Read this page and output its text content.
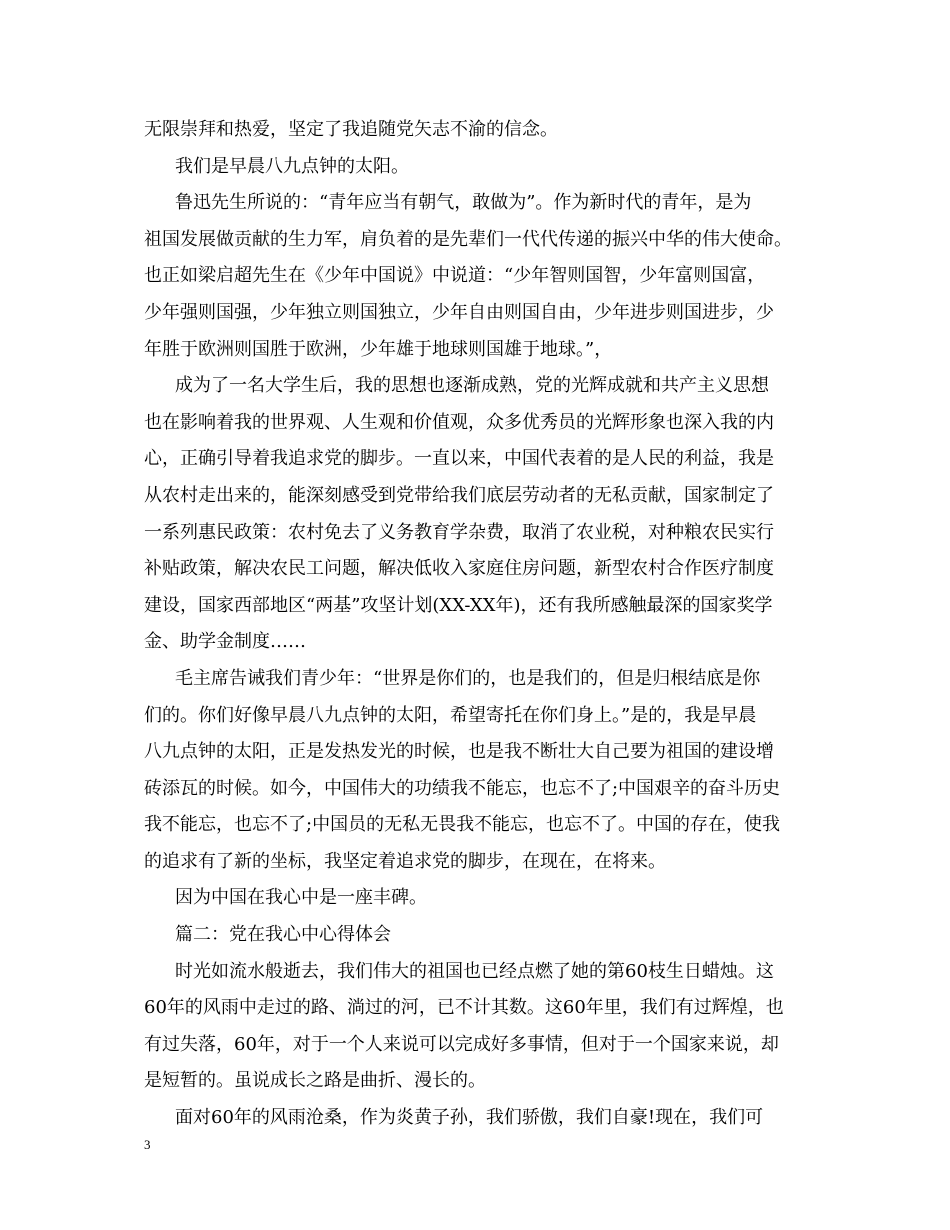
无限崇拜和热爱，坚定了我追随党矢志不渝的信念。
我们是早晨八九点钟的太阳。
鲁迅先生所说的：“青年应当有朝气，敢做为”。作为新时代的青年，是为
祖国发展做贡献的生力军，肩负着的是先辈们一代代传递的振兴中华的伟大使命。
也正如梁启超先生在《少年中国说》中说道：“少年智则国智，少年富则国富，
少年强则国强，少年独立则国独立，少年自由则国自由，少年进步则国进步，少
年胜于欧洲则国胜于欧洲，少年雄于地球则国雄于地球。”，
成为了一名大学生后，我的思想也逐渐成熟，党的光辉成就和共产主义思想
也在影响着我的世界观、人生观和价值观，众多优秀员的光辉形象也深入我的内
心，正确引导着我追求党的脚步。一直以来，中国代表着的是人民的利益，我是
从农村走出来的，能深刻感受到党带给我们底层劳动者的无私贡献，国家制定了
一系列惠民政策：农村免去了义务教育学杂费，取消了农业税，对种粮农民实行
补贴政策，解决农民工问题，解决低收入家庭住房问题，新型农村合作医疗制度
建设，国家西部地区“两基”攻坚计划(XX-XX年)，还有我所感触最深的国家奖学
金、助学金制度……
毛主席告诫我们青少年：“世界是你们的，也是我们的，但是归根结底是你
们的。你们好像早晨八九点钟的太阳，希望寄托在你们身上。”是的，我是早晨
八九点钟的太阳，正是发热发光的时候，也是我不断壮大自己要为祖国的建设增
砖添瓦的时候。如今，中国伟大的功绩我不能忘，也忘不了;中国艰辛的奋斗历史
我不能忘，也忘不了;中国员的无私无畏我不能忘，也忘不了。中国的存在，使我
的追求有了新的坐标，我坚定着追求党的脚步，在现在，在将来。
因为中国在我心中是一座丰碑。
篇二：党在我心中心得体会
时光如流水般逝去，我们伟大的祖国也已经点燃了她的第60枝生日蜡烛。这
60年的风雨中走过的路、淌过的河，已不计其数。这60年里，我们有过辉煌，也
有过失落，60年，对于一个人来说可以完成好多事情，但对于一个国家来说，却
是短暂的。虽说成长之路是曲折、漫长的。
面对60年的风雨沧桑，作为炎黄子孙，我们骄傲，我们自豪!现在，我们可
3
